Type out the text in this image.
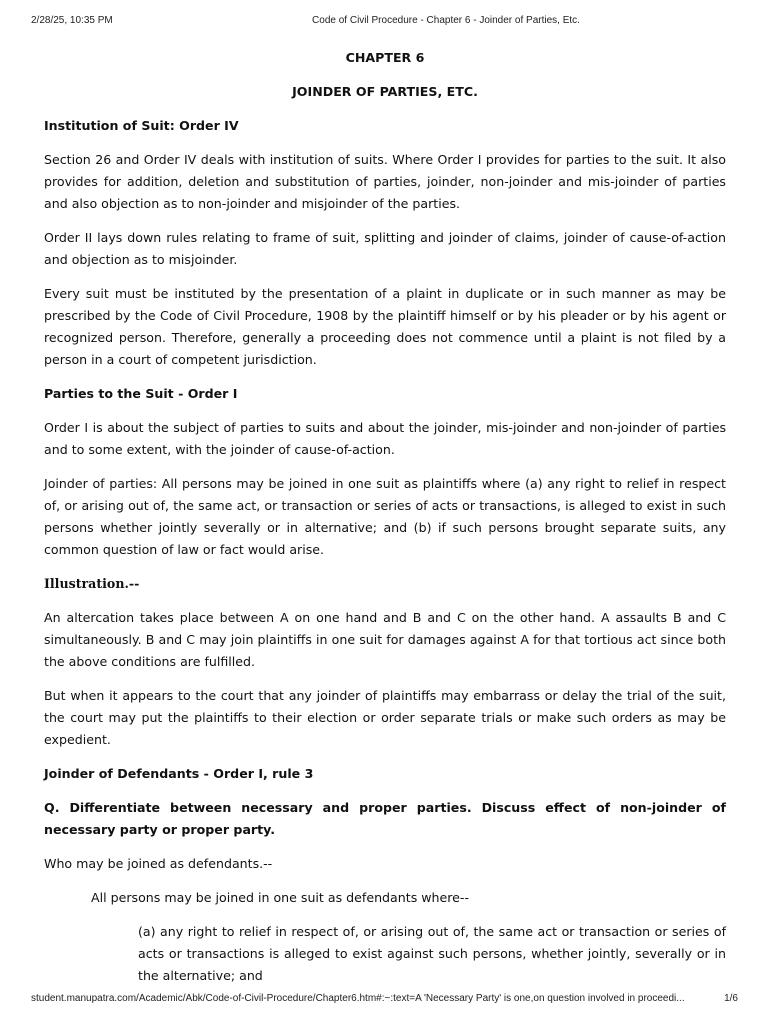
2/28/25, 10:35 PM	Code of Civil Procedure - Chapter 6 - Joinder of Parties, Etc.
CHAPTER 6
JOINDER OF PARTIES, ETC.
Institution of Suit: Order IV

Section 26 and Order IV deals with institution of suits. Where Order I provides for parties to the suit. It also provides for addition, deletion and substitution of parties, joinder, non-joinder and mis-joinder of parties and also objection as to non-joinder and misjoinder of the parties.

Order II lays down rules relating to frame of suit, splitting and joinder of claims, joinder of cause-of-action and objection as to misjoinder.

Every suit must be instituted by the presentation of a plaint in duplicate or in such manner as may be prescribed by the Code of Civil Procedure, 1908 by the plaintiff himself or by his pleader or by his agent or recognized person. Therefore, generally a proceeding does not commence until a plaint is not filed by a person in a court of competent jurisdiction.

Parties to the Suit - Order I

Order I is about the subject of parties to suits and about the joinder, mis-joinder and non-joinder of parties and to some extent, with the joinder of cause-of-action.

Joinder of parties: All persons may be joined in one suit as plaintiffs where (a) any right to relief in respect of, or arising out of, the same act, or transaction or series of acts or transactions, is alleged to exist in such persons whether jointly severally or in alternative; and (b) if such persons brought separate suits, any common question of law or fact would arise.

Illustration.--

An altercation takes place between A on one hand and B and C on the other hand. A assaults B and C simultaneously. B and C may join plaintiffs in one suit for damages against A for that tortious act since both the above conditions are fulfilled.

But when it appears to the court that any joinder of plaintiffs may embarrass or delay the trial of the suit, the court may put the plaintiffs to their election or order separate trials or make such orders as may be expedient.

Joinder of Defendants - Order I, rule 3

Q. Differentiate between necessary and proper parties. Discuss effect of non-joinder of necessary party or proper party.

Who may be joined as defendants.--

All persons may be joined in one suit as defendants where--

(a) any right to relief in respect of, or arising out of, the same act or transaction or series of acts or transactions is alleged to exist against such persons, whether jointly, severally or in the alternative; and

student.manupatra.com/Academic/Abk/Code-of-Civil-Procedure/Chapter6.htm#:~:text=A 'Necessary Party' is one,on question involved in proceedi...	1/6
